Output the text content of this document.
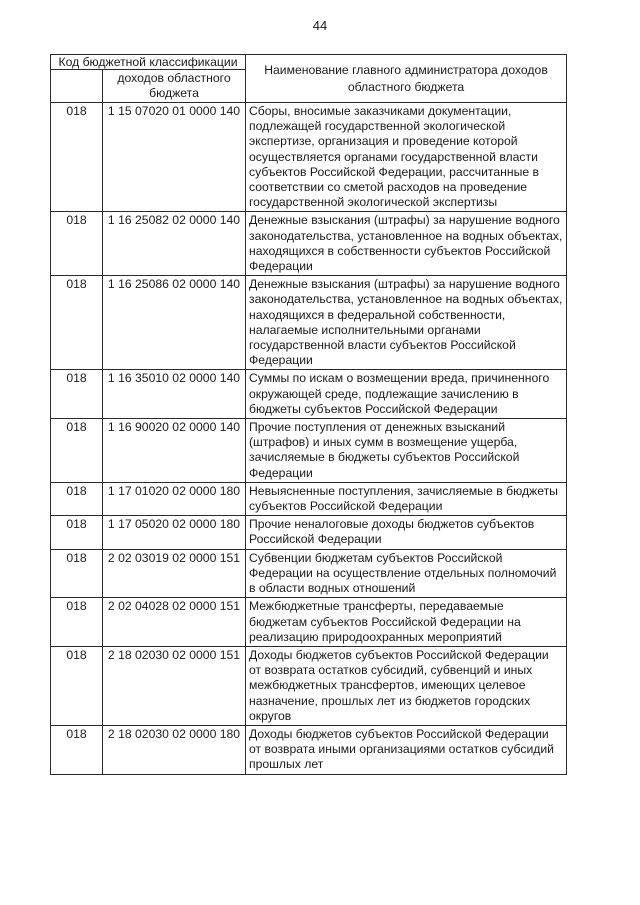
44
Код бюджетной классификации		Наименование главного администратора доходов областного бюджета
	доходов областного бюджета	
018	1 15 07020 01 0000 140	Сборы, вносимые заказчиками документации, подлежащей государственной экологической экспертизе, организация и проведение которой осуществляется органами государственной власти субъектов Российской Федерации, рассчитанные в соответствии со сметой расходов на проведение государственной экологической экспертизы
018	1 16 25082 02 0000 140	Денежные взыскания (штрафы) за нарушение водного законодательства, установленное на водных объектах, находящихся в собственности субъектов Российской Федерации
018	1 16 25086 02 0000 140	Денежные взыскания (штрафы) за нарушение водного законодательства, установленное на водных объектах, находящихся в федеральной собственности, налагаемые исполнительными органами государственной власти субъектов Российской Федерации
018	1 16 35010 02 0000 140	Суммы по искам о возмещении вреда, причиненного окружающей среде, подлежащие зачислению в бюджеты субъектов Российской Федерации
018	1 16 90020 02 0000 140	Прочие поступления от денежных взысканий (штрафов) и иных сумм в возмещение ущерба, зачисляемые в бюджеты субъектов Российской Федерации
018	1 17 01020 02 0000 180	Невыясненные поступления, зачисляемые в бюджеты субъектов Российской Федерации
018	1 17 05020 02 0000 180	Прочие неналоговые доходы бюджетов субъектов Российской Федерации
018	2 02 03019 02 0000 151	Субвенции бюджетам субъектов Российской Федерации на осуществление отдельных полномочий в области водных отношений
018	2 02 04028 02 0000 151	Межбюджетные трансферты, передаваемые бюджетам субъектов Российской Федерации на реализацию природоохранных мероприятий
018	2 18 02030 02 0000 151	Доходы бюджетов субъектов Российской Федерации от возврата остатков субсидий, субвенций и иных межбюджетных трансфертов, имеющих целевое назначение, прошлых лет из бюджетов городских округов
018	2 18 02030 02 0000 180	Доходы бюджетов субъектов Российской Федерации от возврата иными организациями остатков субсидий прошлых лет
